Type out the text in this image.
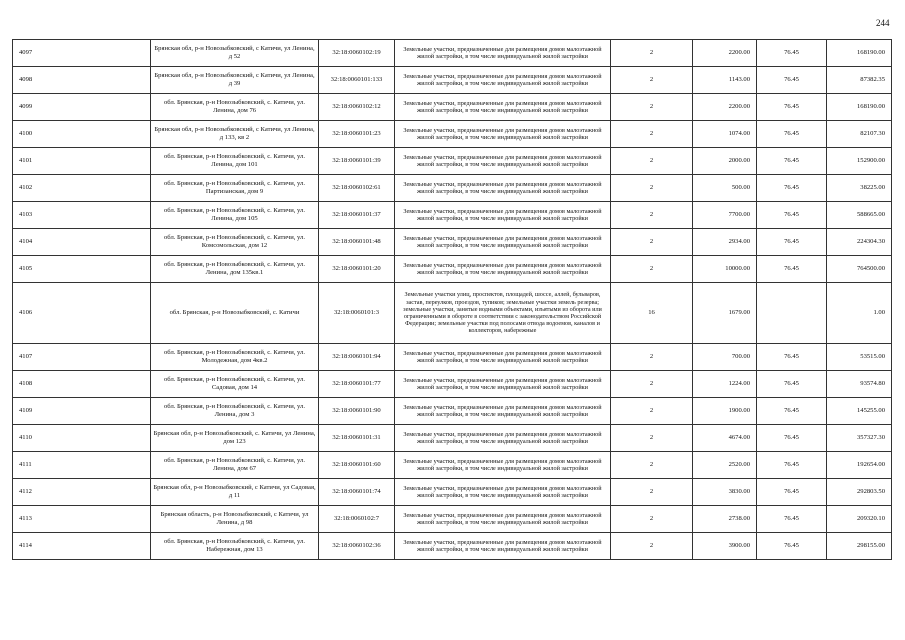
244
4097	Брянская обл, р-н Новозыбковский, с Катичи, ул Ленина, д 52	32:18:0060102:19	Земельные участки, предназначенные для размещения домов малоэтажной жилой застройки, в том числе индивидуальной жилой застройки	2	2200.00	76.45	168190.00
4098	Брянская обл, р-н Новозыбковский, с Катичи, ул Ленина, д 39	32:18:0060101:133	Земельные участки, предназначенные для размещения домов малоэтажной жилой застройки, в том числе индивидуальной жилой застройки	2	1143.00	76.45	87382.35
4099	обл. Брянская, р-н Новозыбковский, с. Катичи, ул. Ленина, дом 76	32:18:0060102:12	Земельные участки, предназначенные для размещения домов малоэтажной жилой застройки, в том числе индивидуальной жилой застройки	2	2200.00	76.45	168190.00
4100	Брянская обл, р-н Новозыбковский, с Катичи, ул Ленина, д 133, кв 2	32:18:0060101:23	Земельные участки, предназначенные для размещения домов малоэтажной жилой застройки, в том числе индивидуальной жилой застройки	2	1074.00	76.45	82107.30
4101	обл. Брянская, р-н Новозыбковский, с. Катичи, ул. Ленина, дом 101	32:18:0060101:39	Земельные участки, предназначенные для размещения домов малоэтажной жилой застройки, в том числе индивидуальной жилой застройки	2	2000.00	76.45	152900.00
4102	обл. Брянская, р-н Новозыбковский, с. Катичи, ул. Партизанская, дом 9	32:18:0060102:61	Земельные участки, предназначенные для размещения домов малоэтажной жилой застройки, в том числе индивидуальной жилой застройки	2	500.00	76.45	38225.00
4103	обл. Брянская, р-н Новозыбковский, с. Катичи, ул. Ленина, дом 105	32:18:0060101:37	Земельные участки, предназначенные для размещения домов малоэтажной жилой застройки, в том числе индивидуальной жилой застройки	2	7700.00	76.45	588665.00
4104	обл. Брянская, р-н Новозыбковский, с. Катичи, ул. Комсомольская, дом 12	32:18:0060101:48	Земельные участки, предназначенные для размещения домов малоэтажной жилой застройки, в том числе индивидуальной жилой застройки	2	2934.00	76.45	224304.30
4105	обл. Брянская, р-н Новозыбковский, с. Катичи, ул. Ленина, дом 135кв.1	32:18:0060101:20	Земельные участки, предназначенные для размещения домов малоэтажной жилой застройки, в том числе индивидуальной жилой застройки	2	10000.00	76.45	764500.00
4106	обл. Брянская, р-н Новозыбковский, с. Катичи	32:18:0060101:3	Земельные участки улиц, проспектов, площадей, шоссе, аллей, бульваров, застав, переулков, проездов, тупиков; земельные участки земель резерва; земельные участки, занятые водными объектами, изъятыми из оборота или ограниченными в обороте в соответствии с законодательством Российской Федерации; земельные участки под полосами отвода водоемов, каналов и коллекторов, набережные	16	1679.00		1.00
4107	обл. Брянская, р-н Новозыбковский, с. Катичи, ул. Молодежная, дом 4кв.2	32:18:0060101:94	Земельные участки, предназначенные для размещения домов малоэтажной жилой застройки, в том числе индивидуальной жилой застройки	2	700.00	76.45	53515.00
4108	обл. Брянская, р-н Новозыбковский, с. Катичи, ул. Садовая, дом 14	32:18:0060101:77	Земельные участки, предназначенные для размещения домов малоэтажной жилой застройки, в том числе индивидуальной жилой застройки	2	1224.00	76.45	93574.80
4109	обл. Брянская, р-н Новозыбковский, с. Катичи, ул. Ленина, дом 3	32:18:0060101:90	Земельные участки, предназначенные для размещения домов малоэтажной жилой застройки, в том числе индивидуальной жилой застройки	2	1900.00	76.45	145255.00
4110	Брянская обл, р-н Новозыбковский, с. Катичи, ул Ленина, дом 123	32:18:0060101:31	Земельные участки, предназначенные для размещения домов малоэтажной жилой застройки, в том числе индивидуальной жилой застройки	2	4674.00	76.45	357327.30
4111	обл. Брянская, р-н Новозыбковский, с. Катичи, ул. Ленина, дом 67	32:18:0060101:60	Земельные участки, предназначенные для размещения домов малоэтажной жилой застройки, в том числе индивидуальной жилой застройки	2	2520.00	76.45	192654.00
4112	Брянская обл, р-н Новозыбковский, с Катичи, ул Садовая, д 11	32:18:0060101:74	Земельные участки, предназначенные для размещения домов малоэтажной жилой застройки, в том числе индивидуальной жилой застройки	2	3830.00	76.45	292803.50
4113	Брянская область, р-н Новозыбковский, с Катичи, ул Ленина, д 98	32:18:0060102:7	Земельные участки, предназначенные для размещения домов малоэтажной жилой застройки, в том числе индивидуальной жилой застройки	2	2738.00	76.45	209320.10
4114	обл. Брянская, р-н Новозыбковский, с. Катичи, ул. Набережная, дом 13	32:18:0060102:36	Земельные участки, предназначенные для размещения домов малоэтажной жилой застройки, в том числе индивидуальной жилой застройки	2	3900.00	76.45	298155.00
